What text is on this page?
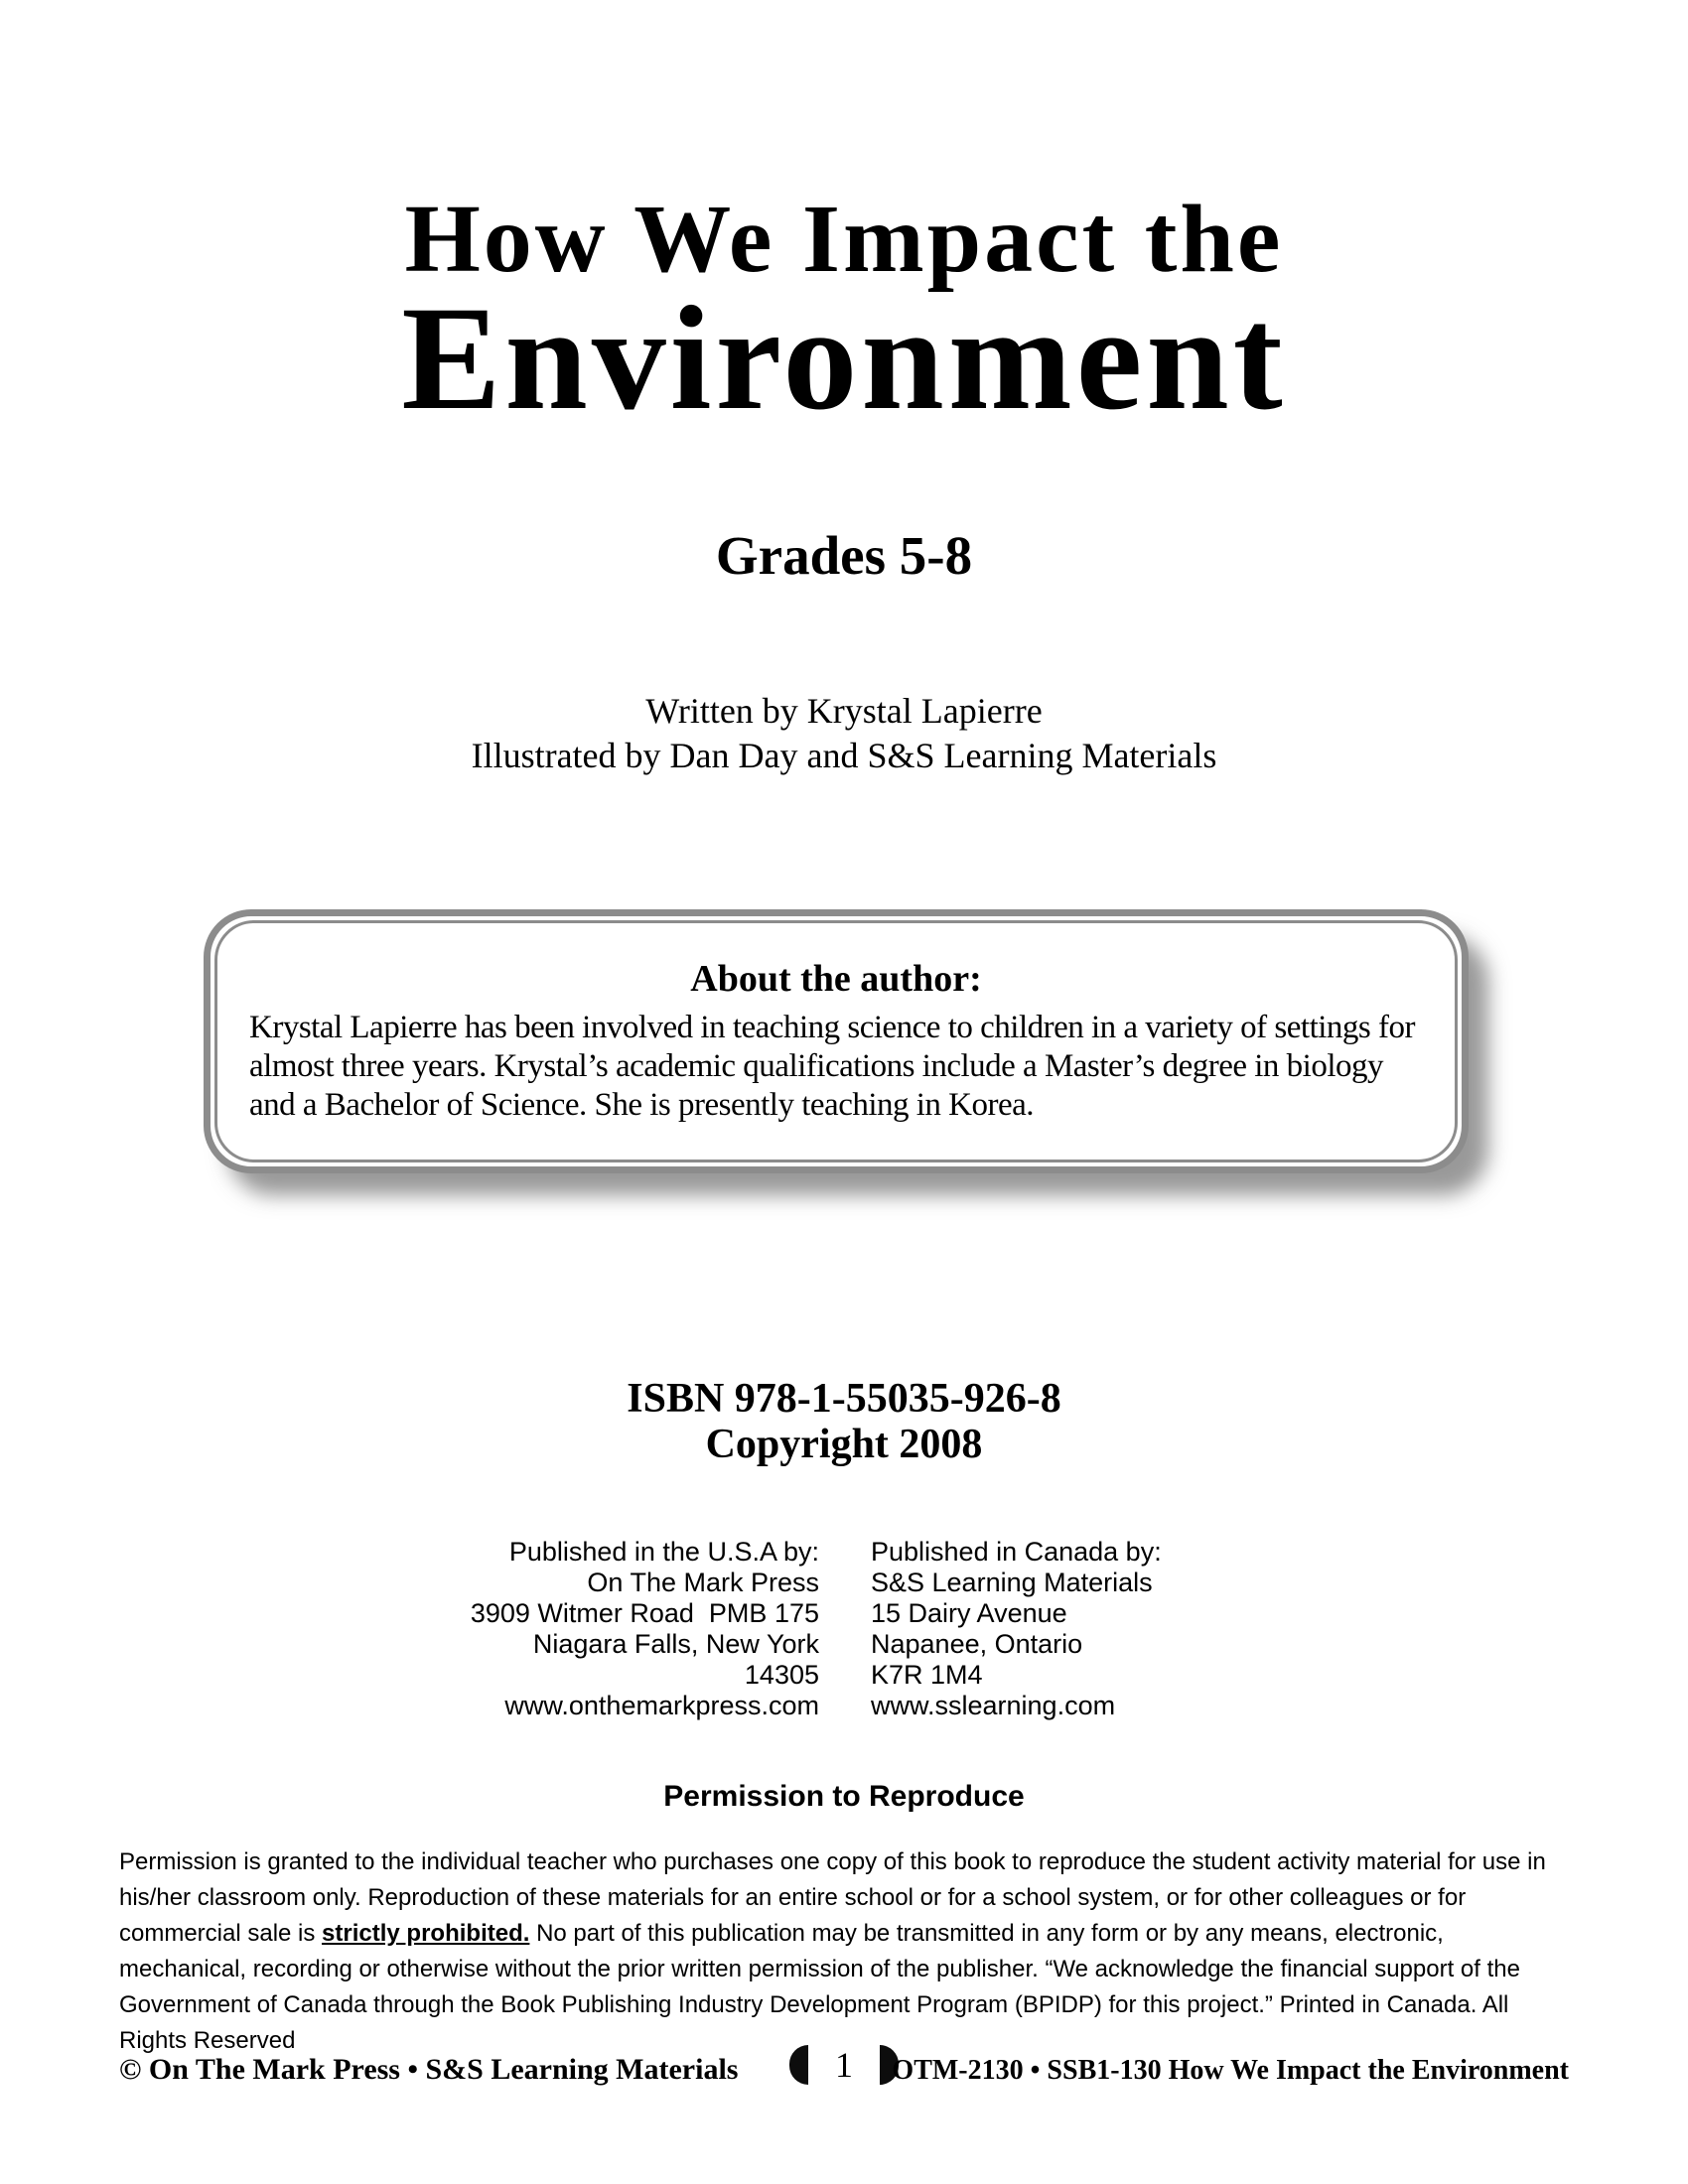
How We Impact the
Environment
Grades 5-8
Written by Krystal Lapierre
Illustrated by Dan Day and S&S Learning Materials
About the author:
Krystal Lapierre has been involved in teaching science to children in a variety of settings for almost three years. Krystal’s academic qualifications include a Master’s degree in biology and a Bachelor of Science. She is presently teaching in Korea.
ISBN 978-1-55035-926-8
Copyright 2008
Published in the U.S.A by:
On The Mark Press
3909 Witmer Road  PMB 175
Niagara Falls, New York
14305
www.onthemarkpress.com
Published in Canada by:
S&S Learning Materials
15 Dairy Avenue
Napanee, Ontario
K7R 1M4
www.sslearning.com
Permission to Reproduce

Permission is granted to the individual teacher who purchases one copy of this book to reproduce the student activity material for use in his/her classroom only. Reproduction of these materials for an entire school or for a school system, or for other colleagues or for commercial sale is strictly prohibited. No part of this publication may be transmitted in any form or by any means, electronic, mechanical, recording or otherwise without the prior written permission of the publisher. “We acknowledge the financial support of the Government of Canada through the Book Publishing Industry Development Program (BPIDP) for this project.” Printed in Canada. All Rights Reserved

© On The Mark Press • S&S Learning Materials	1 OTM-2130 • SSB1-130 How We Impact the Environment
